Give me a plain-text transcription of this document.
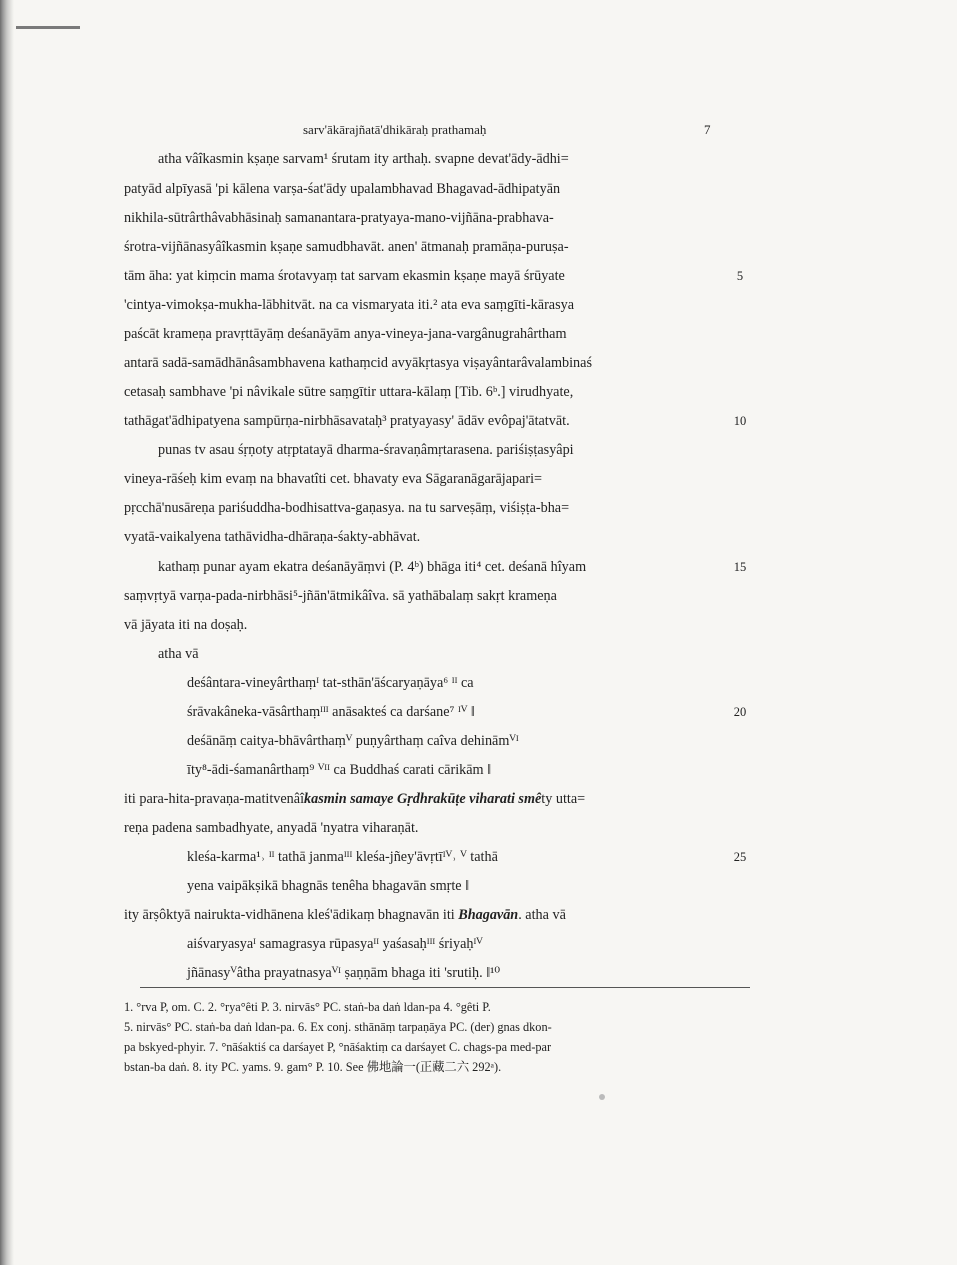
sarv'ākārajñatā'dhikāraḥ prathamaḥ	7
atha vâîkasmin kṣaṇe sarvam¹ śrutam ity arthaḥ. svapne devat'ādy-ādhi=
patyād alpīyasā 'pi kālena varṣa-śat'ādy upalambhavad Bhagavad-ādhipatyān
nikhila-sūtrârthâvabhāsinaḥ samanantara-pratyaya-mano-vijñāna-prabhava-
śrotra-vijñānasyâîkasmin kṣaṇe samudbhavāt. anen' ātmanaḥ pramāṇa-puruṣa-
tām āha: yat kiṃcin mama śrotavyaṃ tat sarvam ekasmin kṣaṇe mayā śrūyate
'cintya-vimokṣa-mukha-lābhitvāt. na ca vismaryata iti.² ata eva saṃgīti-kārasya
paścāt krameṇa pravṛttāyāṃ deśanāyām anya-vineya-jana-vargânugrahârtham
antarā sadā-samādhānâsambhavena kathaṃcid avyākṛtasya viṣayântarâvalambinaś
cetasaḥ sambhave 'pi nâvikale sūtre saṃgītir uttara-kālaṃ [Tib. 6ᵇ.] virudhyate,
tathāgat'ādhipatyena sampūrṇa-nirbhāsavataḥ³ pratyayasy' ādāv evôpaj'ātatvāt.
punas tv asau śṛṇoty atṛptatayā dharma-śravaṇâmṛtarasena. pariśiṣṭasyâpi
vineya-rāśeḥ kim evaṃ na bhavatîti cet. bhavaty eva Sāgaranāgarājapari=
pṛcchā'nusāreṇa pariśuddha-bodhisattva-gaṇasya. na tu sarveṣāṃ, viśiṣṭa-bha=
vyatā-vaikalyena tathāvidha-dhāraṇa-śakty-abhāvat.
kathaṃ punar ayam ekatra deśanāyāṃvi (P. 4ᵇ) bhāga iti⁴ cet. deśanā hîyam
saṃvṛtyā varṇa-pada-nirbhāsi⁵-jñān'ātmikâîva. sā yathābalaṃ sakṛt krameṇa
vā jāyata iti na doṣaḥ.
atha vā
deśântara-vineyârthaṃᴵ tat-sthān'āścaryaṇāya⁶ ᴵᴵ ca
śrāvakâneka-vāsârthaṃᴵᴵᴵ anāsakteś ca darśane⁷ ᴵⱽ ‖
deśānāṃ caitya-bhāvârthaṃⱽ puṇyârthaṃ caîva dehināmⱽᴵ
īty⁸-ādi-śamanârthaṃ⁹ ⱽᴵᴵ ca Buddhaś carati cārikām ‖
iti para-hita-pravaṇa-matitvenâîkasmin samaye Gṛdhrakūṭe viharati smêty utta=
reṇa padena sambadhyate, anyadā 'nyatra viharaṇāt.
kleśa-karma¹˒ ᴵᴵ tathā janmaᴵᴵᴵ kleśa-jñey'āvṛtīᴵⱽ˒ ⱽ tathā
yena vaipākṣikā bhagnās tenêha bhagavān smṛte ‖
ity ārṣôktyā nairukta-vidhānena kleś'ādikaṃ bhagnavān iti Bhagavān. atha vā
aiśvaryasyaᴵ samagrasya rūpasyaᴵᴵ yaśasaḥᴵᴵᴵ śriyaḥᴵⱽ
jñānasyⱽâtha prayatnasyaⱽᴵ ṣaṇṇām bhaga iti 'srutiḥ. ‖¹⁰
5
10
15
20
25
1. °rva P, om. C. 2. °rya°êti P. 3. nirvās° PC. staṅ-ba daṅ ldan-pa 4. °gêti P.
5. nirvās° PC. staṅ-ba daṅ ldan-pa. 6. Ex conj. sthānāṃ tarpaṇāya PC. (der) gnas dkon-
pa bskyed-phyir. 7. °nāśaktiś ca darśayet P, °nāśaktiṃ ca darśayet C. chags-pa med-par
bstan-ba daṅ. 8. ity PC. yams. 9. gam° P. 10. See 佛地論一(正藏二六 292ᵃ).
